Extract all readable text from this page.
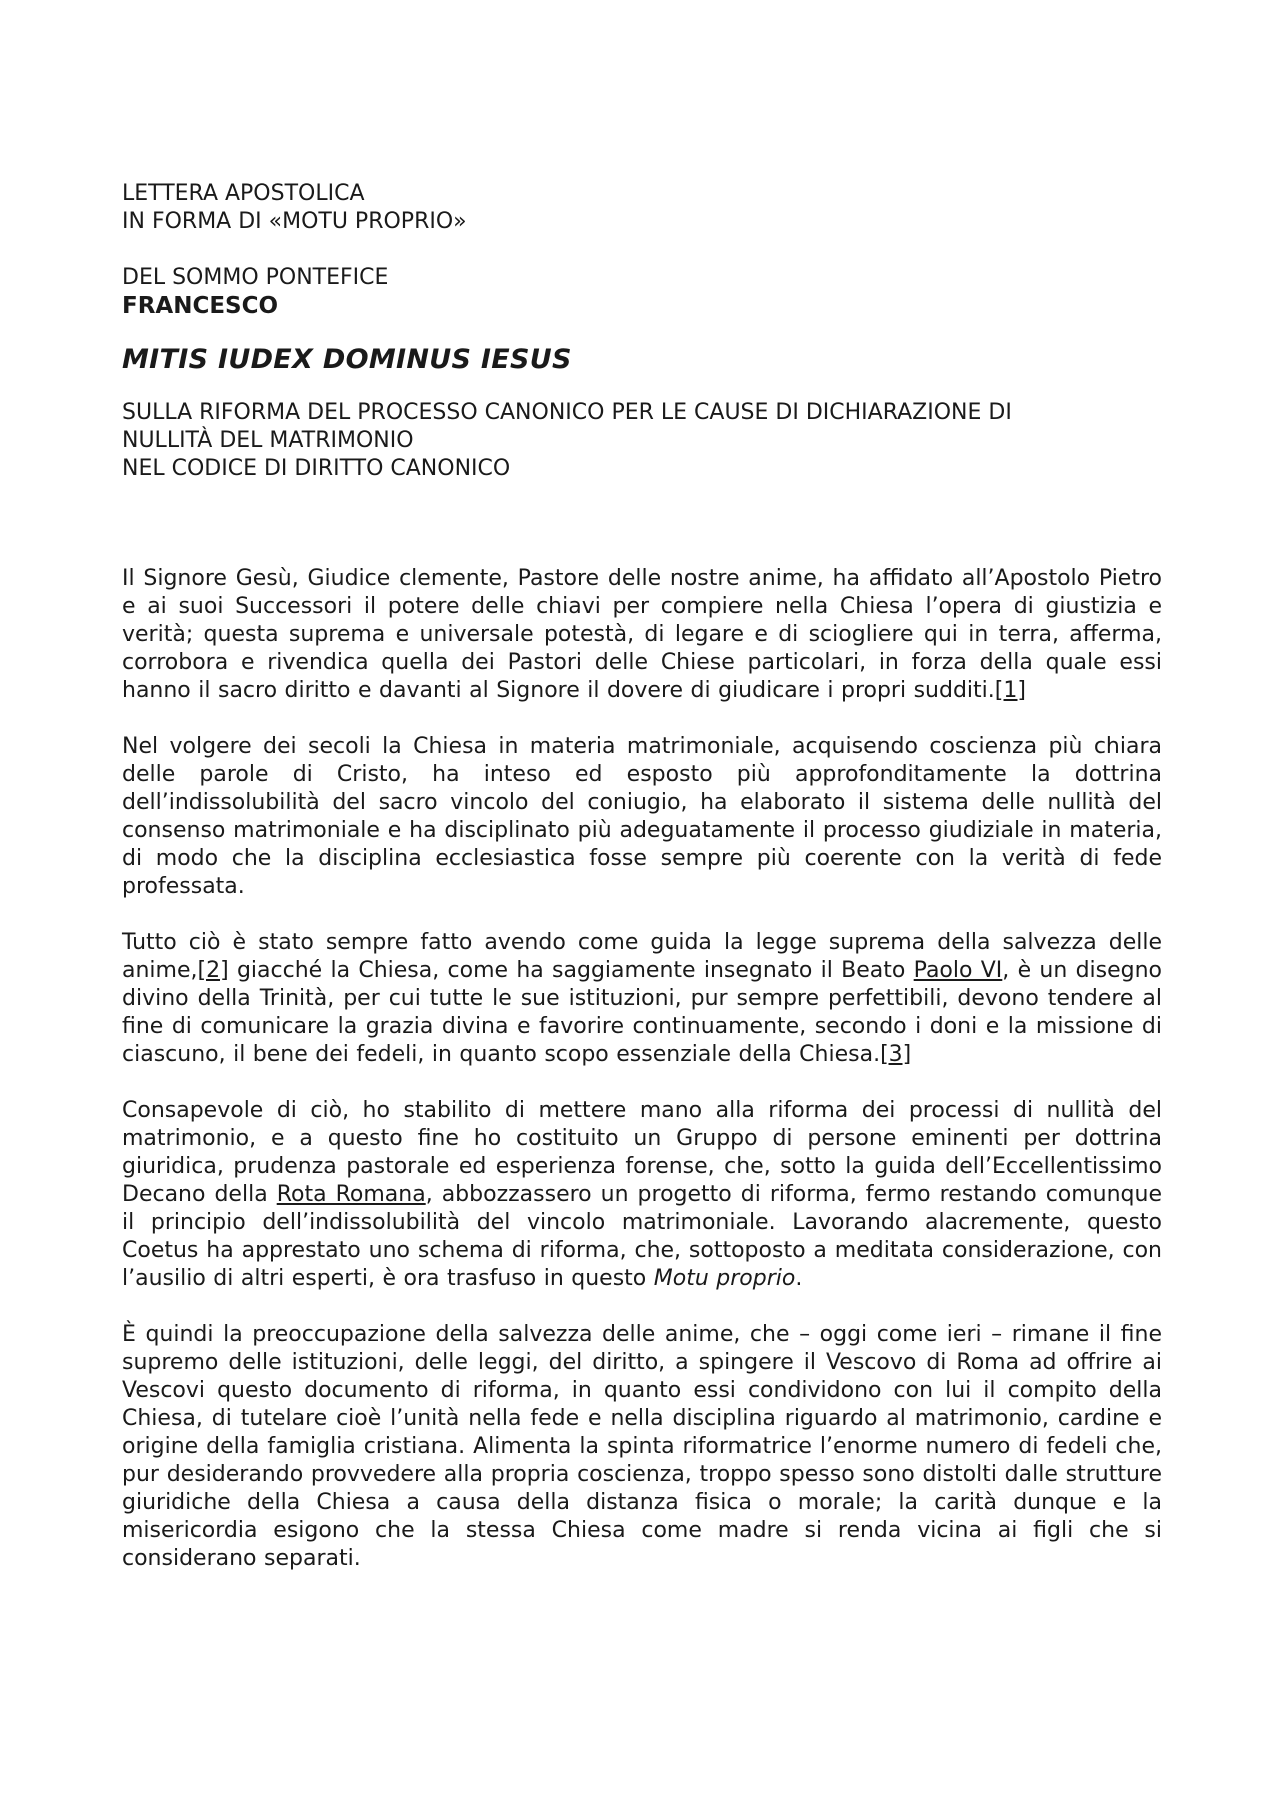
LETTERA APOSTOLICA

IN FORMA DI «MOTU PROPRIO»

DEL SOMMO PONTEFICE

FRANCESCO

MITIS IUDEX DOMINUS IESUS

SULLA RIFORMA DEL PROCESSO CANONICO PER LE CAUSE DI DICHIARAZIONE DI

NULLITÀ DEL MATRIMONIO

NEL CODICE DI DIRITTO CANONICO

Il Signore Gesù, Giudice clemente, Pastore delle nostre anime, ha affidato all’Apostolo Pietro e ai suoi Successori il potere delle chiavi per compiere nella Chiesa l’opera di giustizia e verità; questa suprema e universale potestà, di legare e di sciogliere qui in terra, afferma, corrobora e rivendica quella dei Pastori delle Chiese particolari, in forza della quale essi hanno il sacro diritto e davanti al Signore il dovere di giudicare i propri sudditi.[1]

Nel volgere dei secoli la Chiesa in materia matrimoniale, acquisendo coscienza più chiara delle parole di Cristo, ha inteso ed esposto più approfonditamente la dottrina dell’indissolubilità del sacro vincolo del coniugio, ha elaborato il sistema delle nullità del consenso matrimoniale e ha disciplinato più adeguatamente il processo giudiziale in materia, di modo che la disciplina ecclesiastica fosse sempre più coerente con la verità di fede professata.

Tutto ciò è stato sempre fatto avendo come guida la legge suprema della salvezza delle anime,[2] giacché la Chiesa, come ha saggiamente insegnato il Beato Paolo VI, è un disegno divino della Trinità, per cui tutte le sue istituzioni, pur sempre perfettibili, devono tendere al fine di comunicare la grazia divina e favorire continuamente, secondo i doni e la missione di ciascuno, il bene dei fedeli, in quanto scopo essenziale della Chiesa.[3]

Consapevole di ciò, ho stabilito di mettere mano alla riforma dei processi di nullità del matrimonio, e a questo fine ho costituito un Gruppo di persone eminenti per dottrina giuridica, prudenza pastorale ed esperienza forense, che, sotto la guida dell’Eccellentissimo Decano della Rota Romana, abbozzassero un progetto di riforma, fermo restando comunque il principio dell’indissolubilità del vincolo matrimoniale. Lavorando alacremente, questo Coetus ha apprestato uno schema di riforma, che, sottoposto a meditata considerazione, con l’ausilio di altri esperti, è ora trasfuso in questo Motu proprio.

È quindi la preoccupazione della salvezza delle anime, che – oggi come ieri – rimane il fine supremo delle istituzioni, delle leggi, del diritto, a spingere il Vescovo di Roma ad offrire ai Vescovi questo documento di riforma, in quanto essi condividono con lui il compito della Chiesa, di tutelare cioè l’unità nella fede e nella disciplina riguardo al matrimonio, cardine e origine della famiglia cristiana. Alimenta la spinta riformatrice l’enorme numero di fedeli che, pur desiderando provvedere alla propria coscienza, troppo spesso sono distolti dalle strutture giuridiche della Chiesa a causa della distanza fisica o morale; la carità dunque e la misericordia esigono che la stessa Chiesa come madre si renda vicina ai figli che si considerano separati.
